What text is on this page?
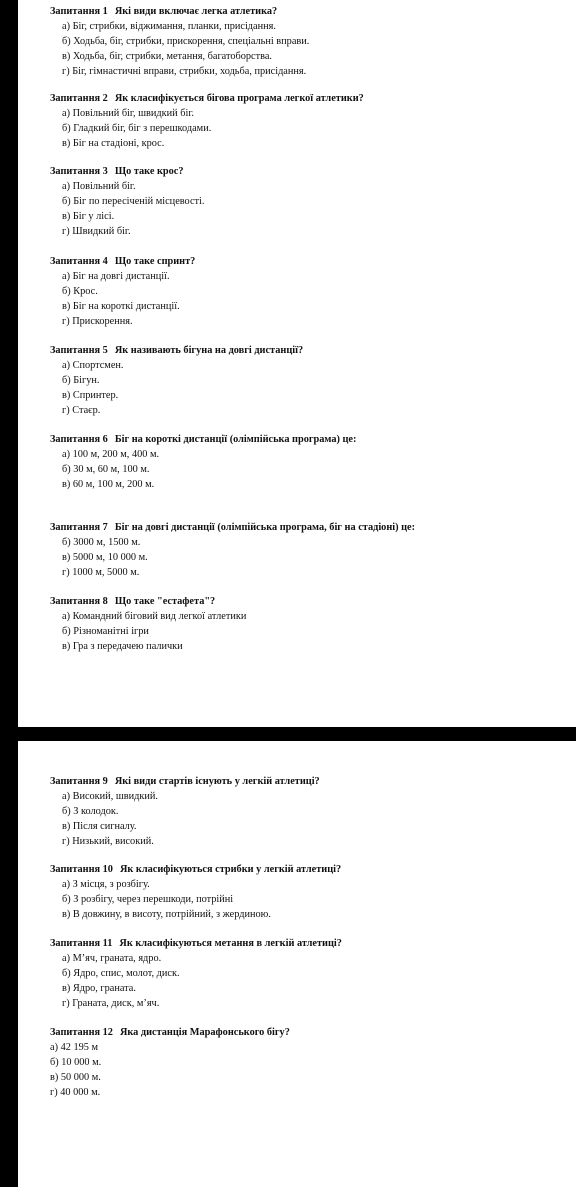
Запитання 1 Які види включає легка атлетика?
а) Біг, стрибки, віджимання, планки, присідання.
б) Ходьба, біг, стрибки, прискорення, спеціальні вправи.
в) Ходьба, біг, стрибки, метання, багатоборства.
г) Біг, гімнастичні вправи, стрибки, ходьба, присідання.
Запитання 2 Як класифікується бігова програма легкої атлетики?
а) Повільний біг, швидкий біг.
б) Гладкий біг, біг з перешкодами.
в) Біг на стадіоні, крос.
Запитання 3 Що таке крос?
а) Повільний біг.
б) Біг по пересіченій місцевості.
в) Біг у лісі.
г) Швидкий біг.
Запитання 4 Що таке спринт?
а) Біг на довгі дистанції.
б) Крос.
в) Біг на короткі дистанції.
г) Прискорення.
Запитання 5 Як називають бігуна на довгі дистанції?
а) Спортсмен.
б) Бігун.
в) Спринтер.
г) Стаєр.
Запитання 6 Біг на короткі дистанції (олімпійська програма) це:
а) 100 м, 200 м, 400 м.
б) 30 м, 60 м, 100 м.
в) 60 м, 100 м, 200 м.
Запитання 7 Біг на довгі дистанції (олімпійська програма, біг на стадіоні) це:
б) 3000 м, 1500 м.
в) 5000 м, 10 000 м.
г) 1000 м, 5000 м.
Запитання 8 Що таке "естафета"?
а) Командний біговий вид легкої атлетики
б) Різноманітні ігри
в) Гра з передачею палички
Запитання 9 Які види стартів існують у легкій атлетиці?
а) Високий, швидкий.
б) З колодок.
в) Після сигналу.
г) Низький, високий.
Запитання 10 Як класифікуються стрибки у легкій атлетиці?
а) З місця, з розбігу.
б) З розбігу, через перешкоди, потрійні
в) В довжину, в висоту, потрійний, з жердиною.
Запитання 11 Як класифікуються метання в легкій атлетиці?
а) М’яч, граната, ядро.
б) Ядро, спис, молот, диск.
в) Ядро, граната.
г) Граната, диск, м’яч.
Запитання 12 Яка дистанція Марафонського бігу?
а) 42 195 м
б) 10 000 м.
в) 50 000 м.
г) 40 000 м.
